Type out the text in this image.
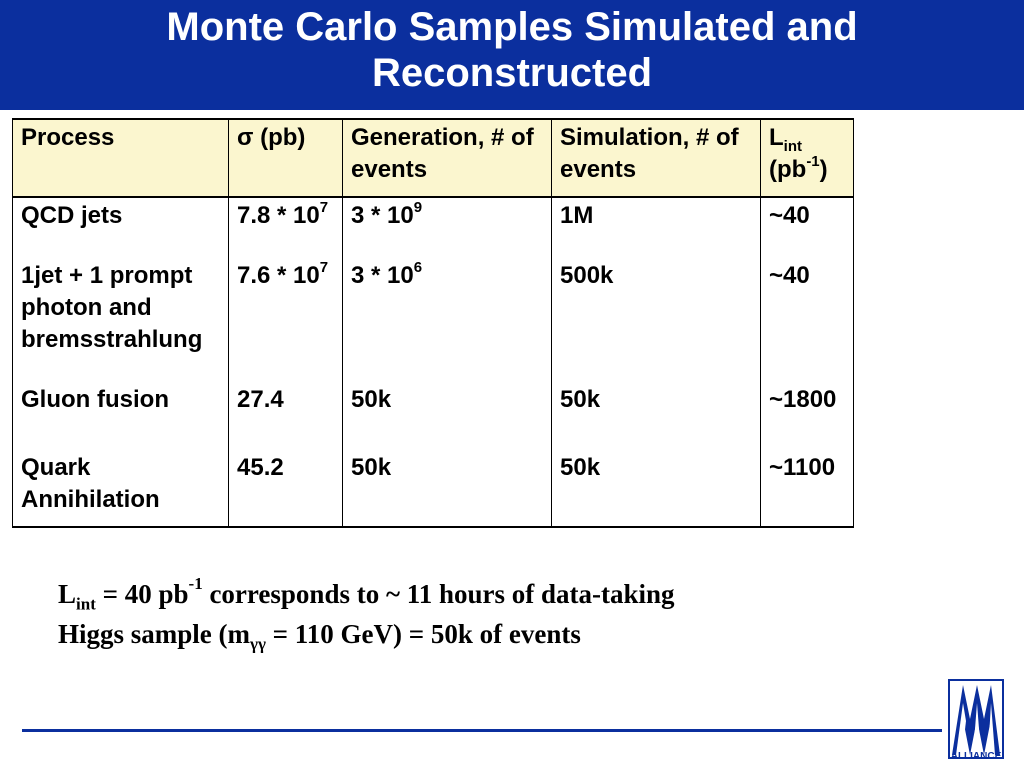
Monte Carlo Samples Simulated and
Reconstructed
Process	σ (pb)	Generation, # of events	Simulation, # of events	$L_{int}$
$(pb^{-1})$
QCD jets	$7.8 * 10^7$	$3 * 10^9$	1M	~40
1jet + 1 prompt photon and bremsstrahlung	$7.6 * 10^7$	$3 * 10^6$	500k	~40
Gluon fusion	27.4	50k	50k	~1800
Quark Annihilation	45.2	50k	50k	~1100
$L_{int} = 40$ $pb^{-1}$ corresponds to ~ 11 hours of data-taking
Higgs sample ($m_{\gamma\gamma} = 110$ GeV) = 50k of events
ALLIANCE
